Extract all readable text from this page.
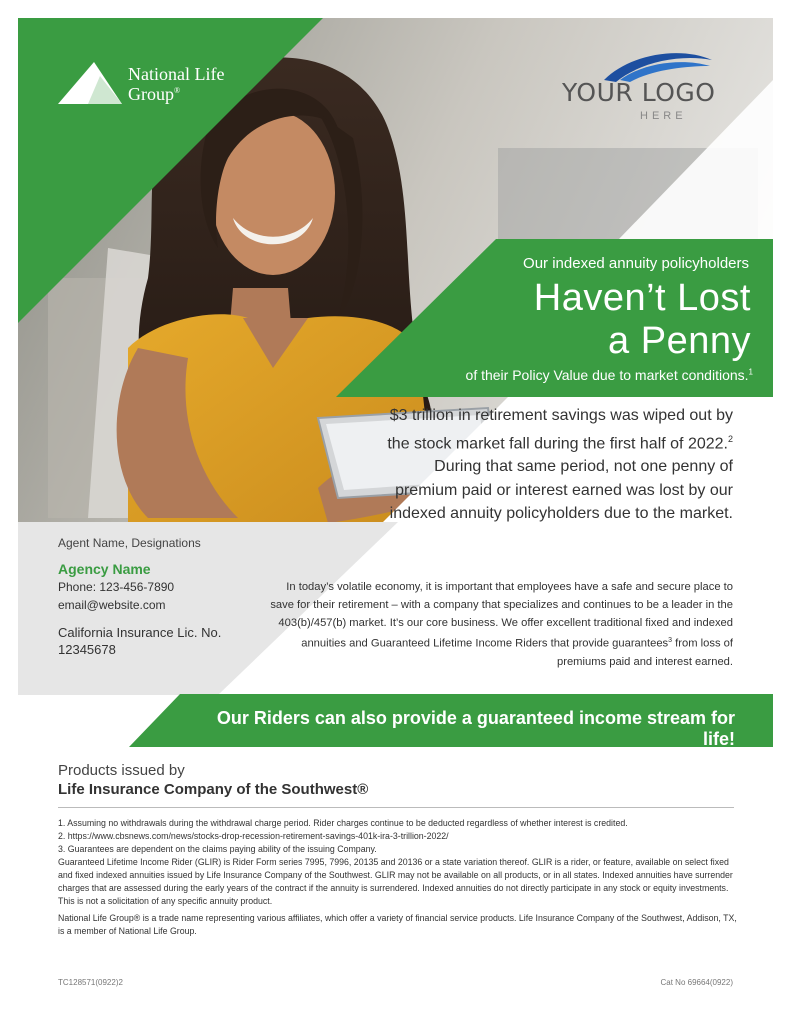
National Life
Group®	YOUR LOGO
HERE
Our indexed annuity policyholders
Haven’t Lost
a Penny
of their Policy Value due to market conditions.$^1$
$3 trillion in retirement savings was wiped out by the stock market fall during the first half of 2022.$^2$ During that same period, not one penny of premium paid or interest earned was lost by our indexed annuity policyholders due to the market.
Agent Name, Designations
Agency Name
Phone: 123-456-7890
email@website.com
California Insurance Lic. No.
12345678
In today’s volatile economy, it is important that employees have a safe and secure place to save for their retirement – with a company that specializes and continues to be a leader in the 403(b)/457(b) market. It’s our core business. We offer excellent traditional fixed and indexed annuities and Guaranteed Lifetime Income Riders that provide guarantees$^3$ from loss of premiums paid and interest earned.
Our Riders can also provide a guaranteed income stream for life!
Products issued by
Life Insurance Company of the Southwest®

1. Assuming no withdrawals during the withdrawal charge period. Rider charges continue to be deducted regardless of whether interest is credited.

2. https://www.cbsnews.com/news/stocks-drop-recession-retirement-savings-401k-ira-3-trillion-2022/

3. Guarantees are dependent on the claims paying ability of the issuing Company.

Guaranteed Lifetime Income Rider (GLIR) is Rider Form series 7995, 7996, 20135 and 20136 or a state variation thereof. GLIR is a rider, or feature, available on select fixed and fixed indexed annuities issued by Life Insurance Company of the Southwest. GLIR may not be available on all products, or in all states. Indexed annuities have surrender charges that are assessed during the early years of the contract if the annuity is surrendered. Indexed annuities do not directly participate in any stock or equity investments. This is not a solicitation of any specific annuity product.

National Life Group® is a trade name representing various affiliates, which offer a variety of financial service products. Life Insurance Company of the Southwest, Addison, TX, is a member of National Life Group.

TC128571(0922)2	Cat No 69664(0922)
